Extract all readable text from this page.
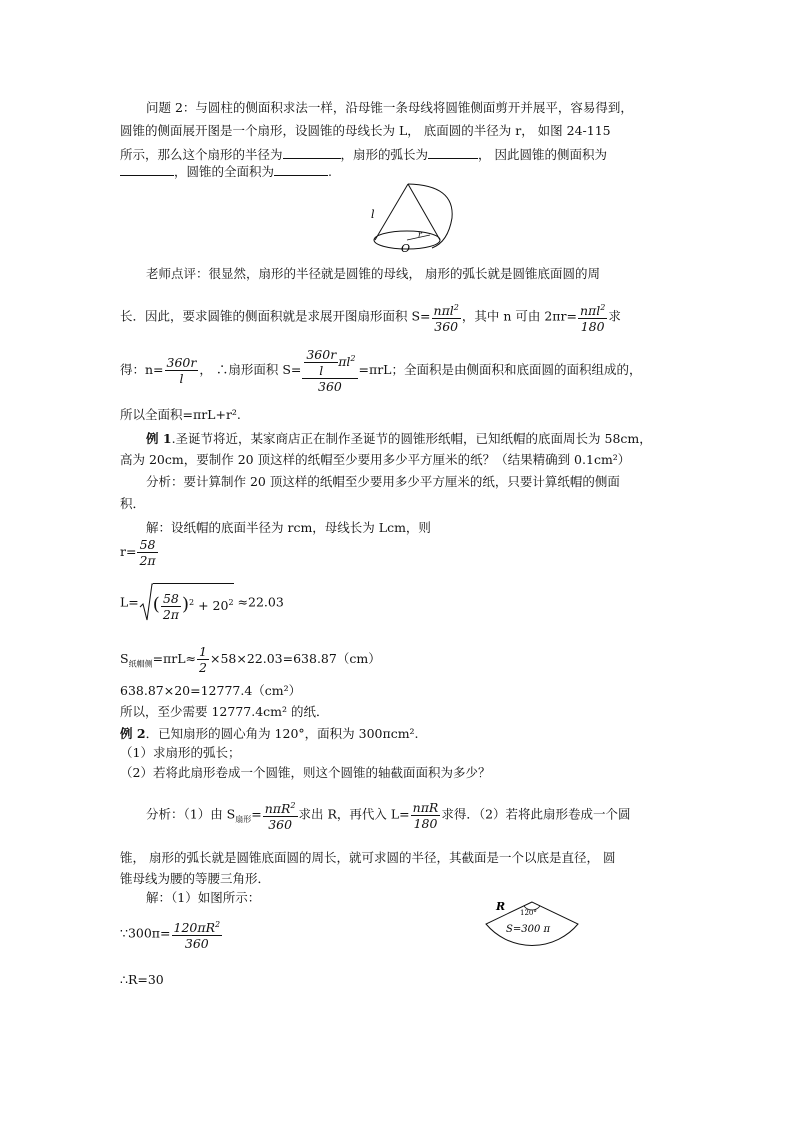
问题 2：与圆柱的侧面积求法一样，沿母锥一条母线将圆锥侧面剪开并展平，容易得到，
圆锥的侧面展开图是一个扇形，设圆锥的母线长为 L， 底面圆的半径为 r， 如图 24-115
所示，那么这个扇形的半径为	，扇形的弧长为	， 因此圆锥的侧面积为
，圆锥的全面积为	.
l
r
O
老师点评：很显然，扇形的半径就是圆锥的母线， 扇形的弧长就是圆锥底面圆的周
长．因此，要求圆锥的侧面积就是求展开图扇形面积 $S= \frac{n\pi l^2}{360}$ ，其中 n 可由 $2\pi r= \frac{n\pi l^2}{180}$ 求
得：$n= \frac{360r}{l}$ ， ∴扇形面积 $S= \frac{\frac{360r}{l} \pi l^2}{360} =\pi rL$；全面积是由侧面积和底面圆的面积组成的，
所以全面积=πrL+r².
例 1.圣诞节将近，某家商店正在制作圣诞节的圆锥形纸帽，已知纸帽的底面周长为 58cm，
高为 20cm，要制作 20 顶这样的纸帽至少要用多少平方厘米的纸？（结果精确到 0.1cm²）
分析：要计算制作 20 顶这样的纸帽至少要用多少平方厘米的纸，只要计算纸帽的侧面
积．
解：设纸帽的底面半径为 rcm，母线长为 Lcm，则
$r= \frac{58}{2\pi}$
L= ( $\frac{58}{2\pi} )^2 + 20^2 \approx 22.03$
$S_{纸帽侧}=\pi rL\approx \frac{1}{2} \times 58\times 22.03=638.87(cm)$
638.87×20=12777.4（cm²）
所以，至少需要 12777.4cm² 的纸．
例 2．已知扇形的圆心角为 120°，面积为 300πcm².
（1）求扇形的弧长；
（2）若将此扇形卷成一个圆锥，则这个圆锥的轴截面面积为多少？
分析：（1）由 $S_{扇形}= \frac{n\pi R^2}{360}$ 求出 R，再代入 $L= \frac{\text{nπR}}{180}$ 求得．（2）若将此扇形卷成一个圆
锥， 扇形的弧长就是圆锥底面圆的周长，就可求圆的半径，其截面是一个以底是直径， 圆
锥母线为腰的等腰三角形．
解：（1）如图所示：
∵300π= $\frac{120\pi R^2}{360}$
∴R=30
R 120°
S=300 π
